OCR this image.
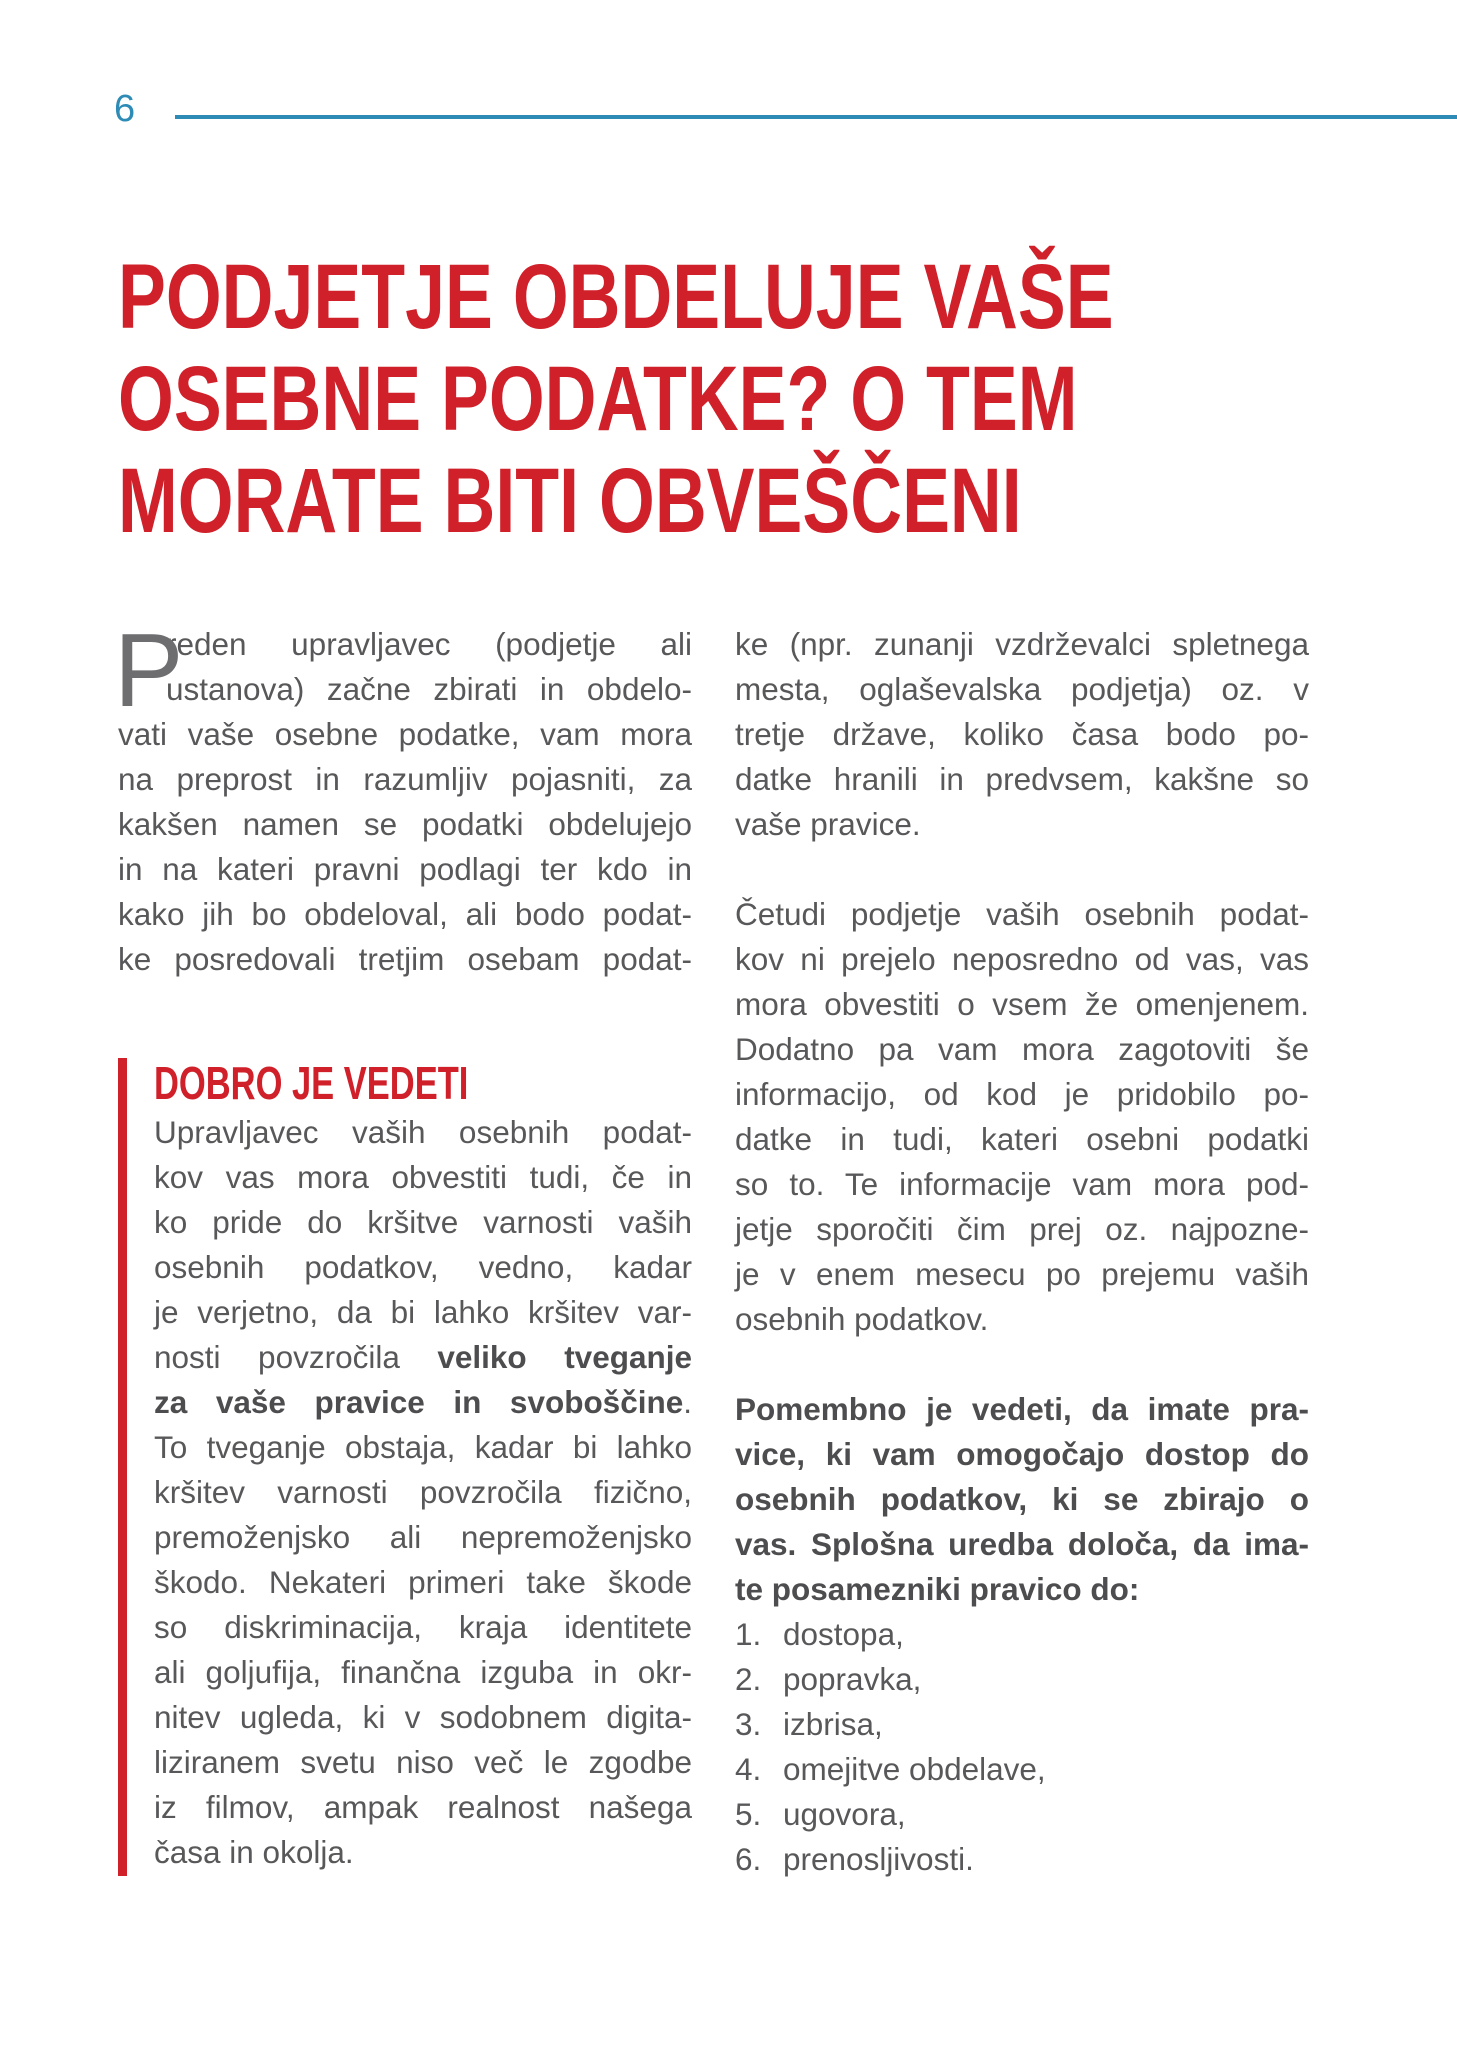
6
PODJETJE OBDELUJE VAŠE
OSEBNE PODATKE? O TEM
MORATE BITI OBVEŠČENI
P
reden upravljavec (podjetje ali
ustanova) začne zbirati in obdelo-
vati vaše osebne podatke, vam mora
na preprost in razumljiv pojasniti, za
kakšen namen se podatki obdelujejo
in na kateri pravni podlagi ter kdo in
kako jih bo obdeloval, ali bodo podat-
ke posredovali tretjim osebam podat-
DOBRO JE VEDETI
Upravljavec vaših osebnih podat-
kov vas mora obvestiti tudi, če in
ko pride do kršitve varnosti vaših
osebnih podatkov, vedno, kadar
je verjetno, da bi lahko kršitev var-
nosti povzročila veliko tveganje
za vaše pravice in svoboščine.
To tveganje obstaja, kadar bi lahko
kršitev varnosti povzročila fizično,
premoženjsko ali nepremoženjsko
škodo. Nekateri primeri take škode
so diskriminacija, kraja identitete
ali goljufija, finančna izguba in okr-
nitev ugleda, ki v sodobnem digita-
liziranem svetu niso več le zgodbe
iz filmov, ampak realnost našega
časa in okolja.
ke (npr. zunanji vzdrževalci spletnega
mesta, oglaševalska podjetja) oz. v
tretje države, koliko časa bodo po-
datke hranili in predvsem, kakšne so
vaše pravice.
Četudi podjetje vaših osebnih podat-
kov ni prejelo neposredno od vas, vas
mora obvestiti o vsem že omenjenem.
Dodatno pa vam mora zagotoviti še
informacijo, od kod je pridobilo po-
datke in tudi, kateri osebni podatki
so to. Te informacije vam mora pod-
jetje sporočiti čim prej oz. najpozne-
je v enem mesecu po prejemu vaših
osebnih podatkov.
Pomembno je vedeti, da imate pra-
vice, ki vam omogočajo dostop do
osebnih podatkov, ki se zbirajo o
vas. Splošna uredba določa, da ima-
te posamezniki pravico do:
1. dostopa,
2. popravka,
3. izbrisa,
4. omejitve obdelave,
5. ugovora,
6. prenosljivosti.
